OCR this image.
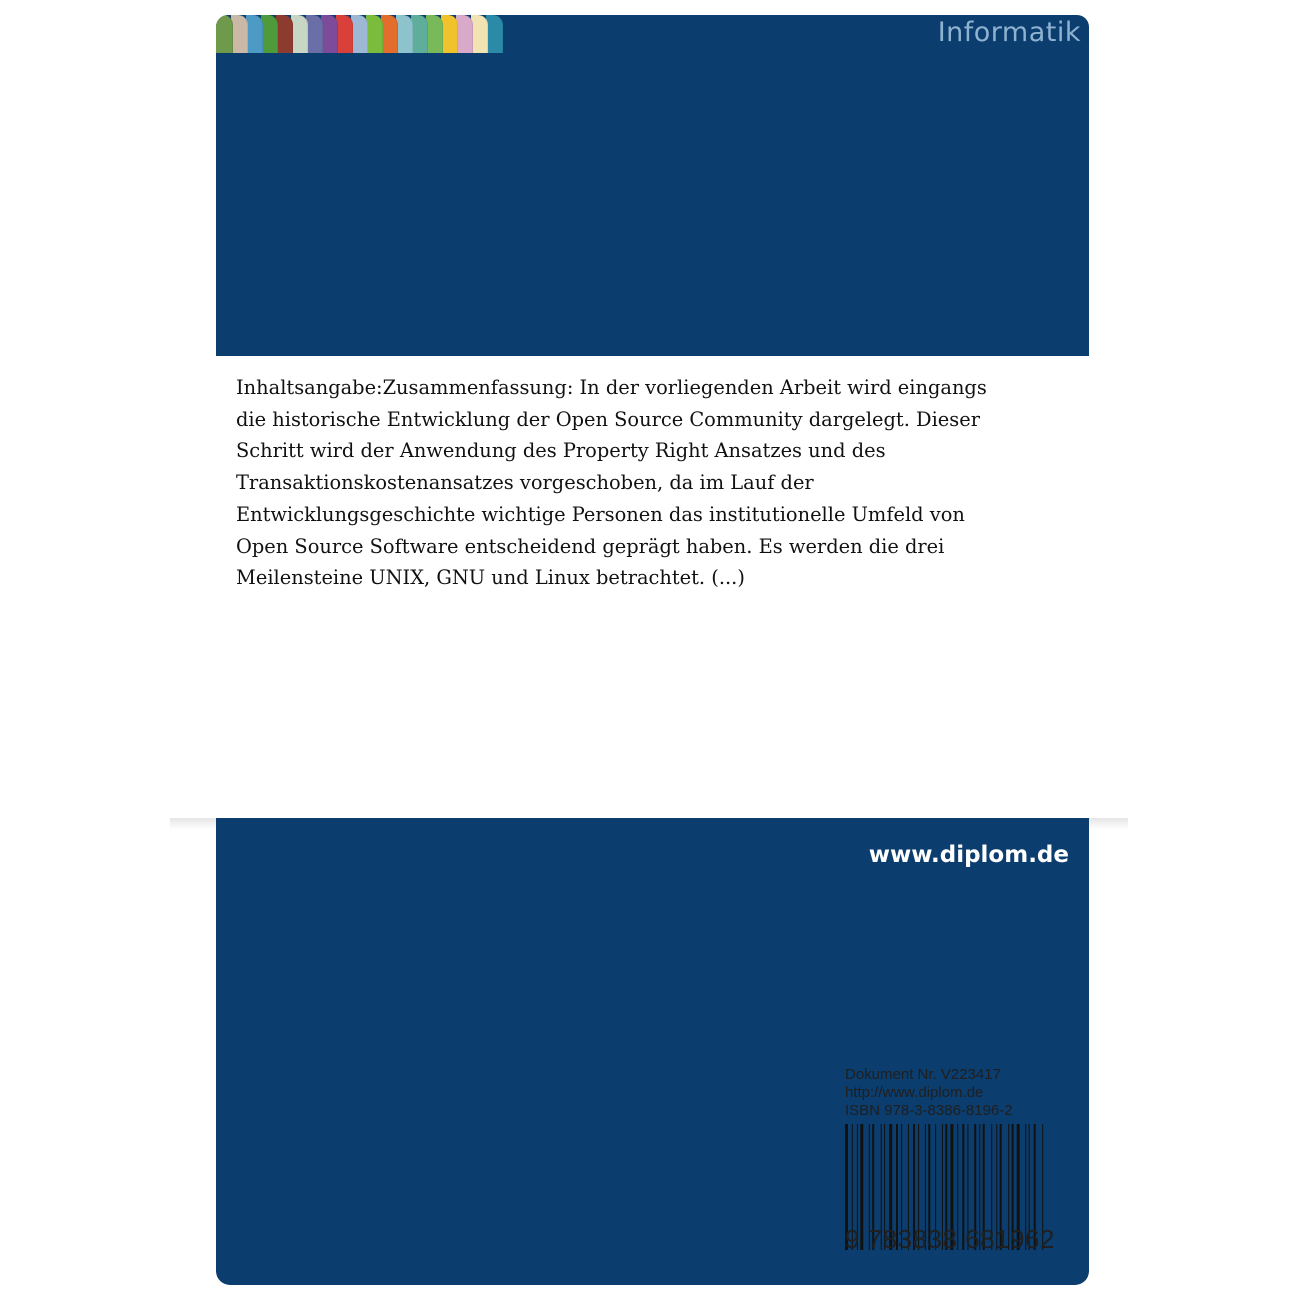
Informatik
Inhaltsangabe:Zusammenfassung: In der vorliegenden Arbeit wird eingangs
die historische Entwicklung der Open Source Community dargelegt. Dieser
Schritt wird der Anwendung des Property Right Ansatzes und des
Transaktionskostenansatzes vorgeschoben, da im Lauf der
Entwicklungsgeschichte wichtige Personen das institutionelle Umfeld von
Open Source Software entscheidend geprägt haben. Es werden die drei
Meilensteine UNIX, GNU und Linux betrachtet. (...)
www.diplom.de
Dokument Nr. V223417
http://www.diplom.de
ISBN 978-3-8386-8196-2
9 783838 681962
